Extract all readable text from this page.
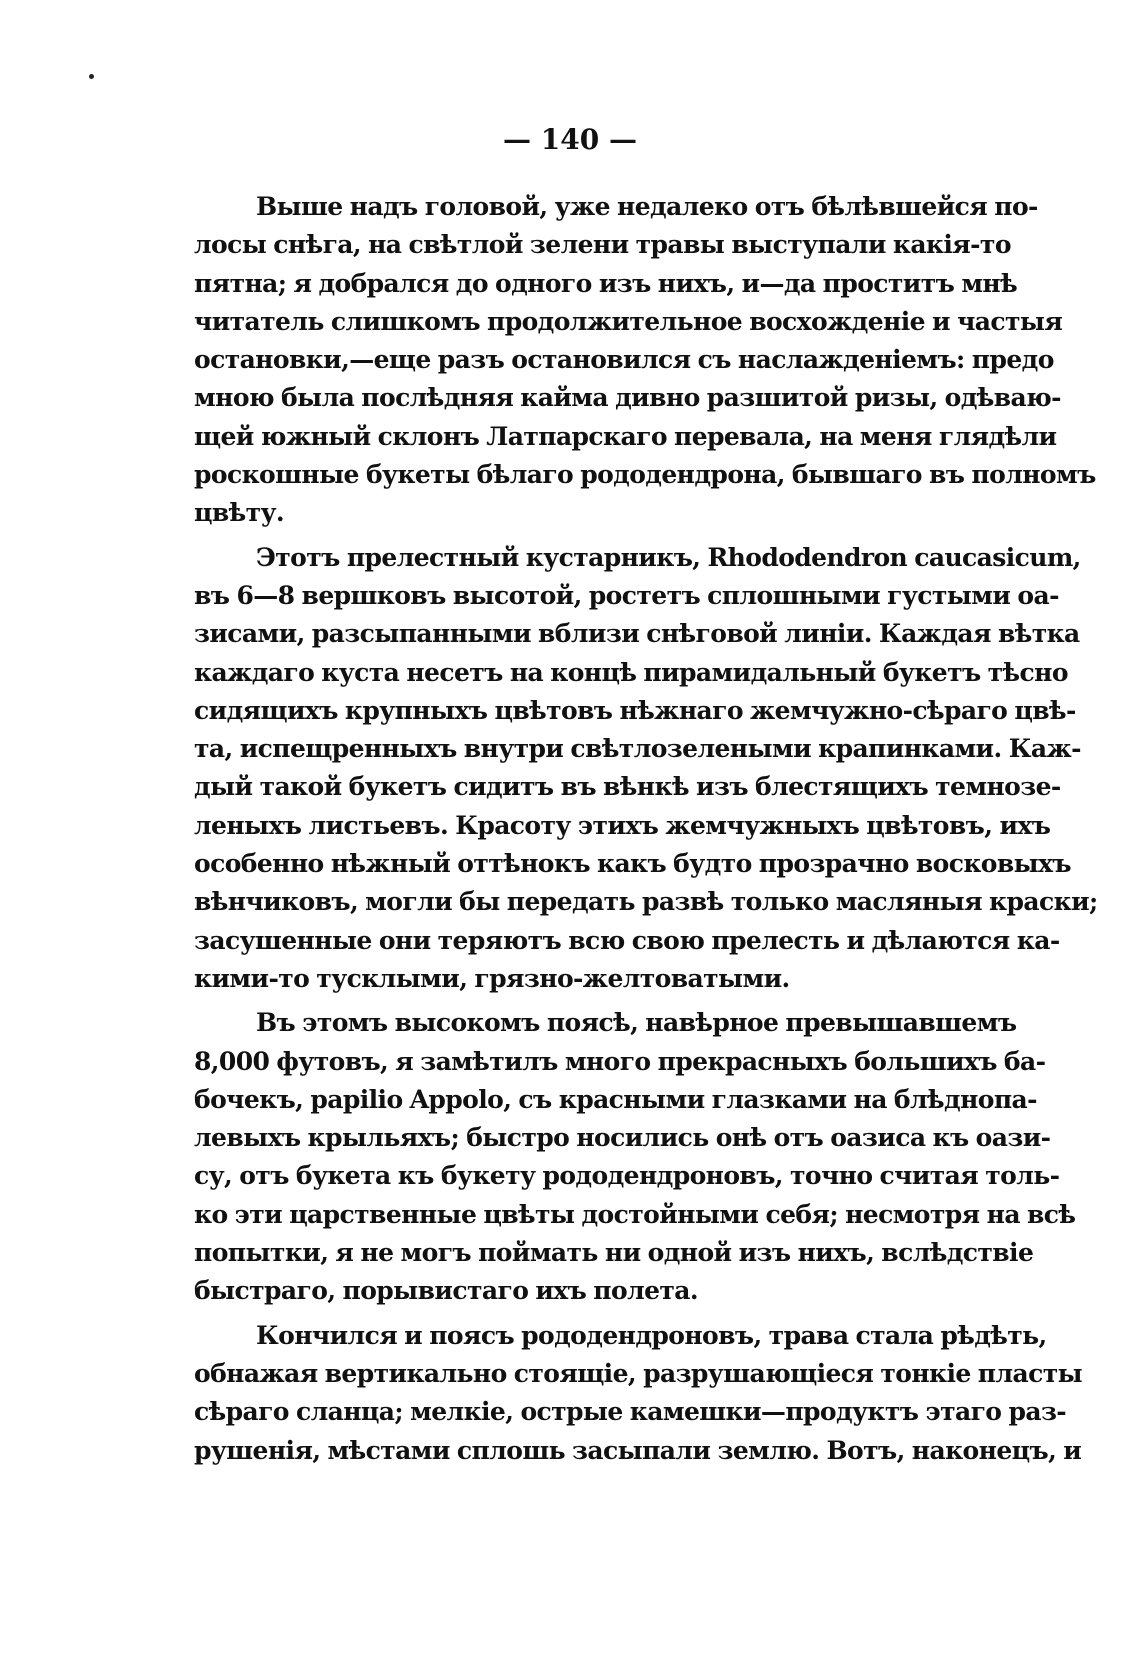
— 140 —
Выше надъ головой, уже недалеко отъ бѣлѣвшейся по-
лосы снѣга, на свѣтлой зелени травы выступали какія-то
пятна; я добрался до одного изъ нихъ, и—да проститъ мнѣ
читатель слишкомъ продолжительное восхожденіе и частыя
остановки,—еще разъ остановился съ наслажденіемъ: предо
мною была послѣдняя кайма дивно разшитой ризы, одѣваю-
щей южный склонъ Латпарскаго перевала, на меня глядѣли
роскошные букеты бѣлаго рододендрона, бывшаго въ полномъ
цвѣту.
Этотъ прелестный кустарникъ, Rhododendron caucasicum,
въ 6—8 вершковъ высотой, ростетъ сплошными густыми оа-
зисами, разсыпанными вблизи снѣговой линіи. Каждая вѣтка
каждаго куста несетъ на концѣ пирамидальный букетъ тѣсно
сидящихъ крупныхъ цвѣтовъ нѣжнаго жемчужно-сѣраго цвѣ-
та, испещренныхъ внутри свѣтлозелеными крапинками. Каж-
дый такой букетъ сидитъ въ вѣнкѣ изъ блестящихъ темнозе-
леныхъ листьевъ. Красоту этихъ жемчужныхъ цвѣтовъ, ихъ
особенно нѣжный оттѣнокъ какъ будто прозрачно восковыхъ
вѣнчиковъ, могли бы передать развѣ только масляныя краски;
засушенные они теряютъ всю свою прелесть и дѣлаются ка-
кими-то тусклыми, грязно-желтоватыми.
Въ этомъ высокомъ поясѣ, навѣрное превышавшемъ
8,000 футовъ, я замѣтилъ много прекрасныхъ большихъ ба-
бочекъ, papilio Appolo, съ красными глазками на блѣднопа-
левыхъ крыльяхъ; быстро носились онѣ отъ оазиса къ оази-
су, отъ букета къ букету рододендроновъ, точно считая толь-
ко эти царственные цвѣты достойными себя; несмотря на всѣ
попытки, я не могъ поймать ни одной изъ нихъ, вслѣдствіе
быстраго, порывистаго ихъ полета.
Кончился и поясъ рододендроновъ, трава стала рѣдѣть,
обнажая вертикально стоящіе, разрушающіеся тонкіе пласты
сѣраго сланца; мелкіе, острые камешки—продуктъ этаго раз-
рушенія, мѣстами сплошь засыпали землю. Вотъ, наконецъ, и
